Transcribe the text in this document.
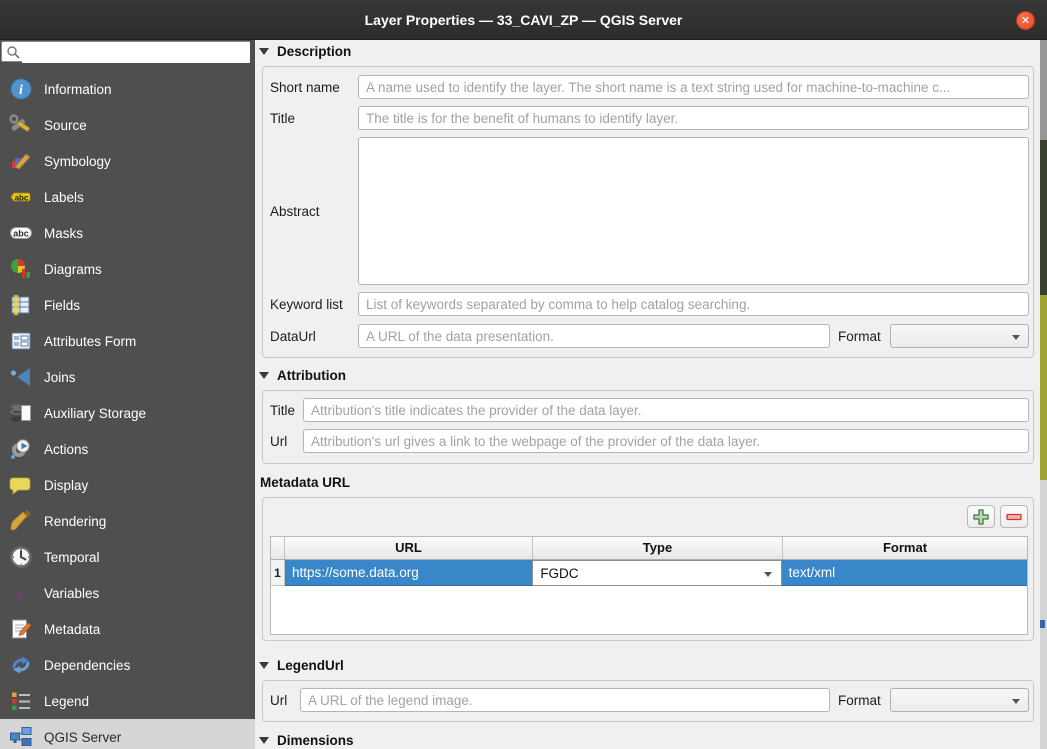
Layer Properties — 33_CAVI_ZP — QGIS Server	✕
i Information
Source
Symbology
abc Labels
abc Masks
Diagrams
Fields
Attributes Form
Joins
Auxiliary Storage
Actions
Display
Rendering
Temporal
ε Variables
Metadata
Dependencies
Legend
QGIS Server
Description
Short name
A name used to identify the layer. The short name is a text string used for machine-to-machine c...
Title
The title is for the benefit of humans to identify layer.
Abstract
Keyword list
List of keywords separated by comma to help catalog searching.
DataUrl
A URL of the data presentation.	Format
Attribution
Title
Attribution's title indicates the provider of the data layer.
Url
Attribution's url gives a link to the webpage of the provider of the data layer.
Metadata URL
URL	Type	Format
1 https://some.data.org	FGDC	text/xml
LegendUrl
Url
A URL of the legend image.	Format
Dimensions
